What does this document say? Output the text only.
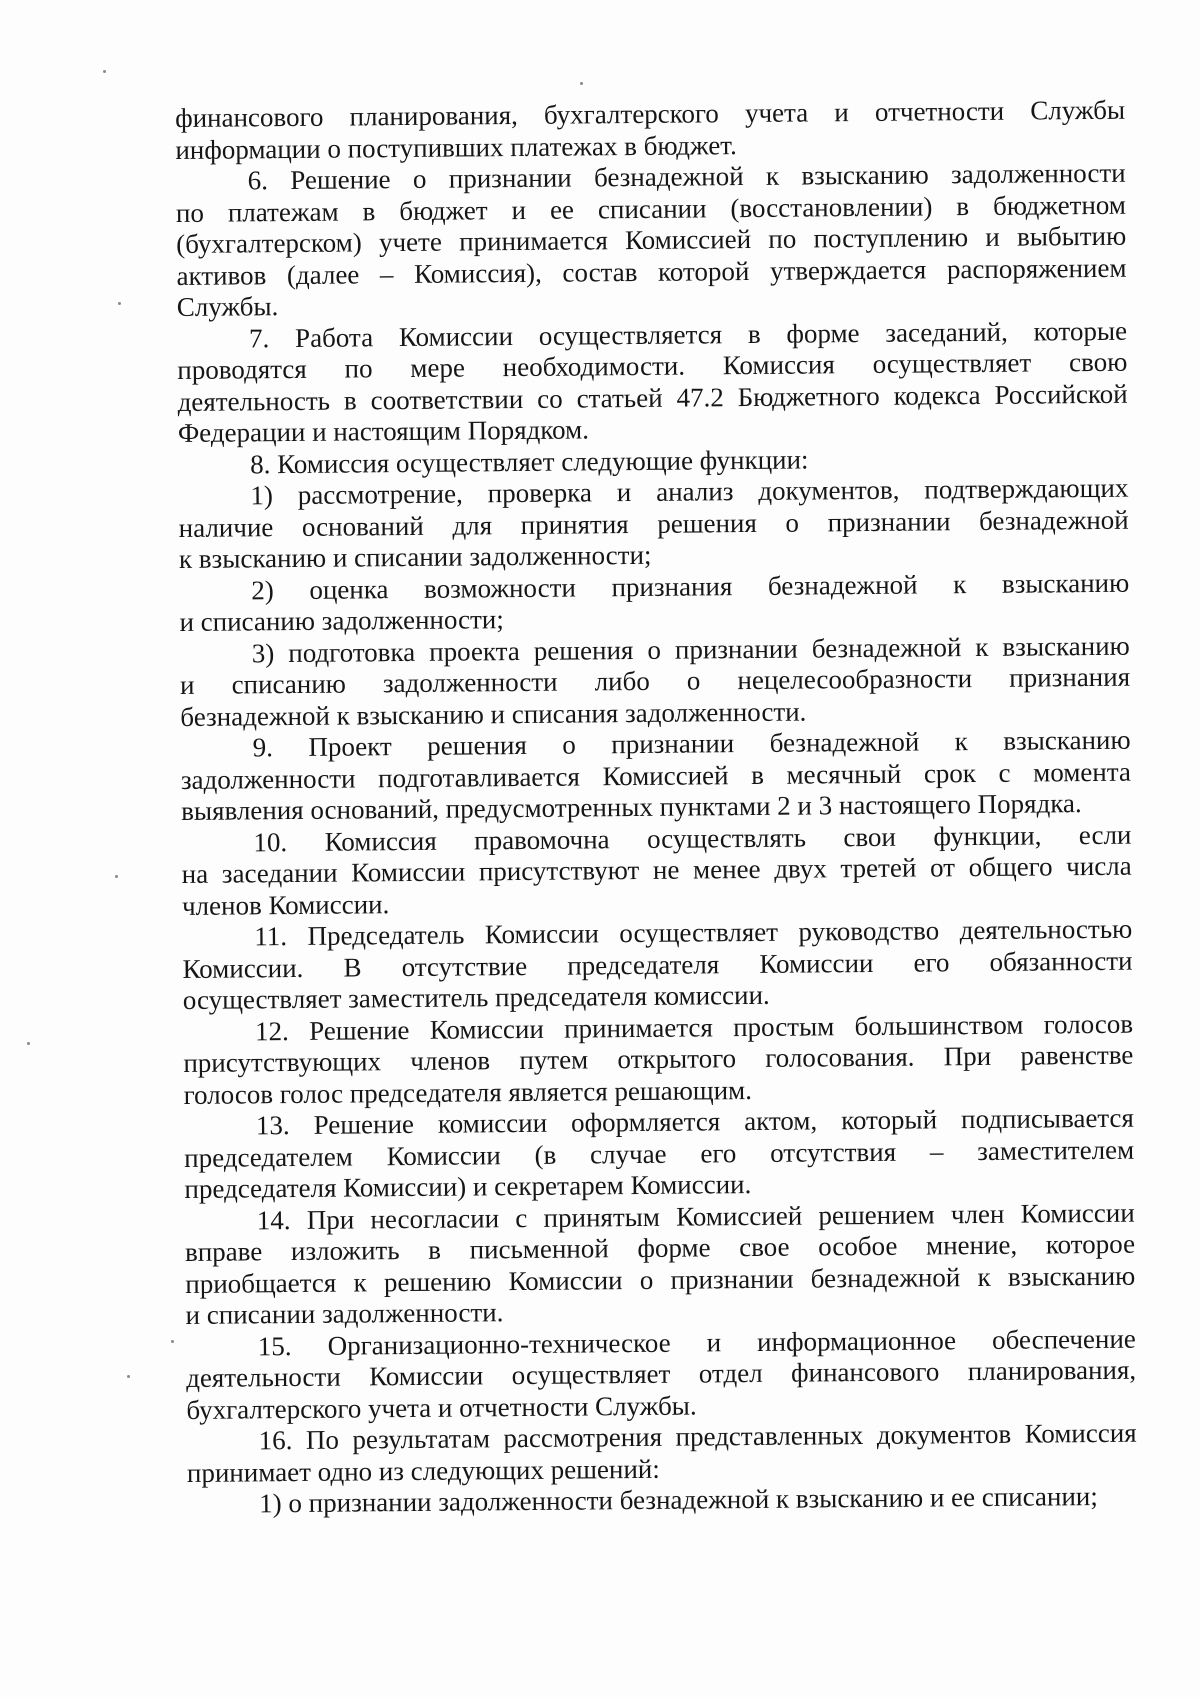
финансового планирования, бухгалтерского учета и отчетности Службы
информации о поступивших платежах в бюджет.
6. Решение о признании безнадежной к взысканию задолженности
по платежам в бюджет и ее списании (восстановлении) в бюджетном
(бухгалтерском) учете принимается Комиссией по поступлению и выбытию
активов (далее – Комиссия), состав которой утверждается распоряжением
Службы.
7. Работа Комиссии осуществляется в форме заседаний, которые
проводятся по мере необходимости. Комиссия осуществляет свою
деятельность в соответствии со статьей 47.2 Бюджетного кодекса Российской
Федерации и настоящим Порядком.
8. Комиссия осуществляет следующие функции:
1) рассмотрение, проверка и анализ документов, подтверждающих
наличие оснований для принятия решения о признании безнадежной
к взысканию и списании задолженности;
2) оценка возможности признания безнадежной к взысканию
и списанию задолженности;
3) подготовка проекта решения о признании безнадежной к взысканию
и списанию задолженности либо о нецелесообразности признания
безнадежной к взысканию и списания задолженности.
9. Проект решения о признании безнадежной к взысканию
задолженности подготавливается Комиссией в месячный срок с момента
выявления оснований, предусмотренных пунктами 2 и 3 настоящего Порядка.
10. Комиссия правомочна осуществлять свои функции, если
на заседании Комиссии присутствуют не менее двух третей от общего числа
членов Комиссии.
11. Председатель Комиссии осуществляет руководство деятельностью
Комиссии. В отсутствие председателя Комиссии его обязанности
осуществляет заместитель председателя комиссии.
12. Решение Комиссии принимается простым большинством голосов
присутствующих членов путем открытого голосования. При равенстве
голосов голос председателя является решающим.
13. Решение комиссии оформляется актом, который подписывается
председателем Комиссии (в случае его отсутствия – заместителем
председателя Комиссии) и секретарем Комиссии.
14. При несогласии с принятым Комиссией решением член Комиссии
вправе изложить в письменной форме свое особое мнение, которое
приобщается к решению Комиссии о признании безнадежной к взысканию
и списании задолженности.
15. Организационно-техническое и информационное обеспечение
деятельности Комиссии осуществляет отдел финансового планирования,
бухгалтерского учета и отчетности Службы.
16. По результатам рассмотрения представленных документов Комиссия
принимает одно из следующих решений:
1) о признании задолженности безнадежной к взысканию и ее списании;
